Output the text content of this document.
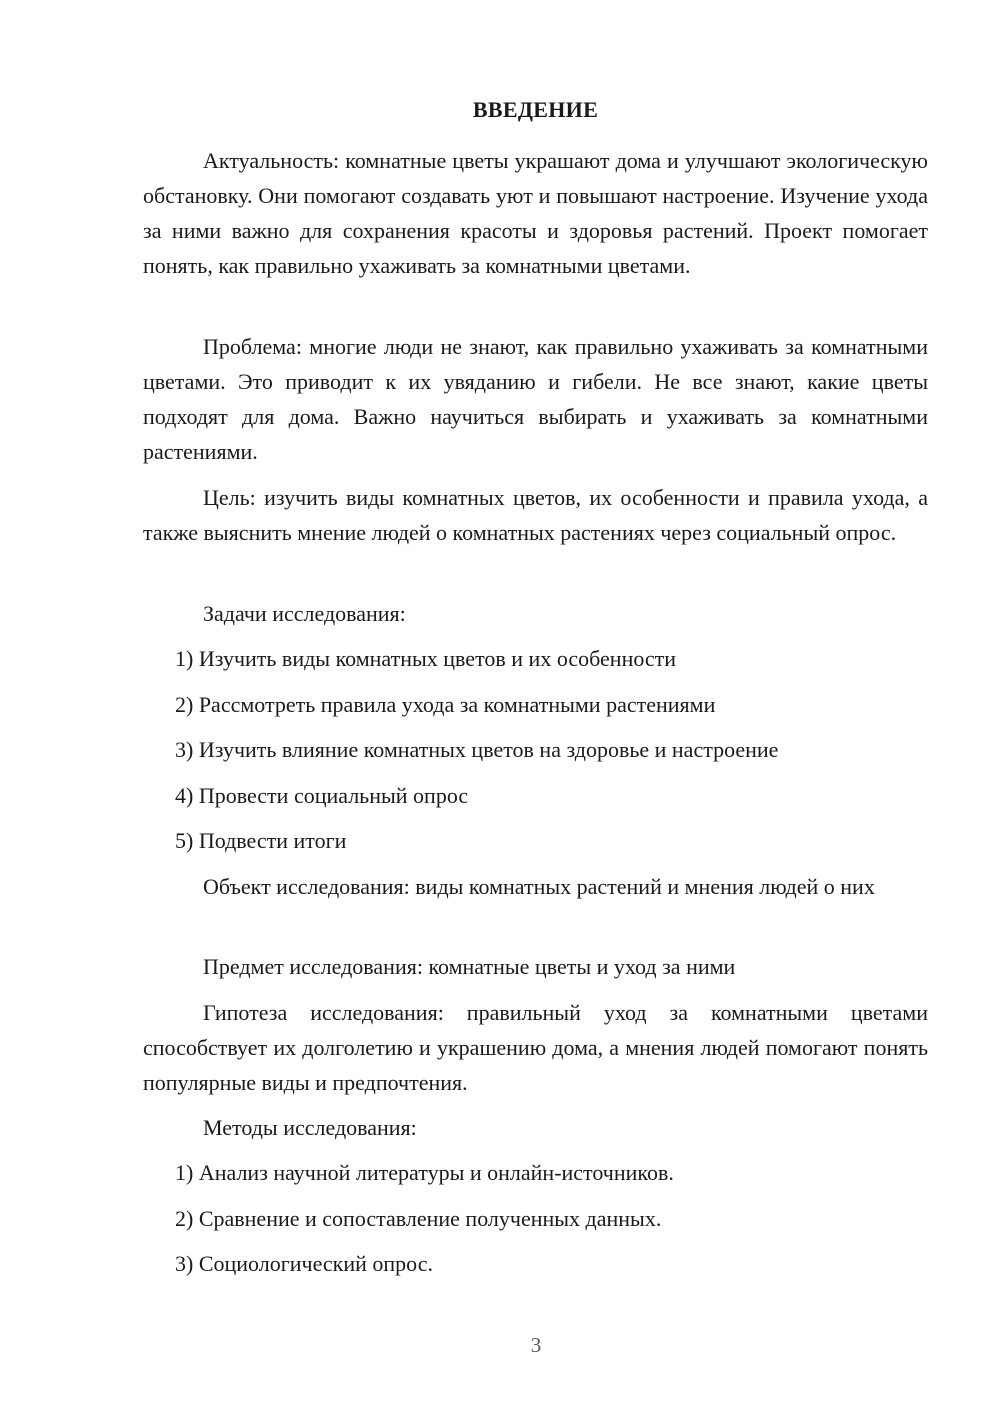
ВВЕДЕНИЕ
Актуальность: комнатные цветы украшают дома и улучшают экологическую обстановку. Они помогают создавать уют и повышают настроение. Изучение ухода за ними важно для сохранения красоты и здоровья растений. Проект помогает понять, как правильно ухаживать за комнатными цветами.
Проблема: многие люди не знают, как правильно ухаживать за комнатными цветами. Это приводит к их увяданию и гибели. Не все знают, какие цветы подходят для дома. Важно научиться выбирать и ухаживать за комнатными растениями.
Цель: изучить виды комнатных цветов, их особенности и правила ухода, а также выяснить мнение людей о комнатных растениях через социальный опрос.
Задачи исследования:
1) Изучить виды комнатных цветов и их особенности
2) Рассмотреть правила ухода за комнатными растениями
3) Изучить влияние комнатных цветов на здоровье и настроение
4) Провести социальный опрос
5) Подвести итоги
Объект исследования: виды комнатных растений и мнения людей о них
Предмет исследования: комнатные цветы и уход за ними
Гипотеза исследования: правильный уход за комнатными цветами способствует их долголетию и украшению дома, а мнения людей помогают понять популярные виды и предпочтения.
Методы исследования:
1) Анализ научной литературы и онлайн-источников.
2) Сравнение и сопоставление полученных данных.
3) Социологический опрос.
3
